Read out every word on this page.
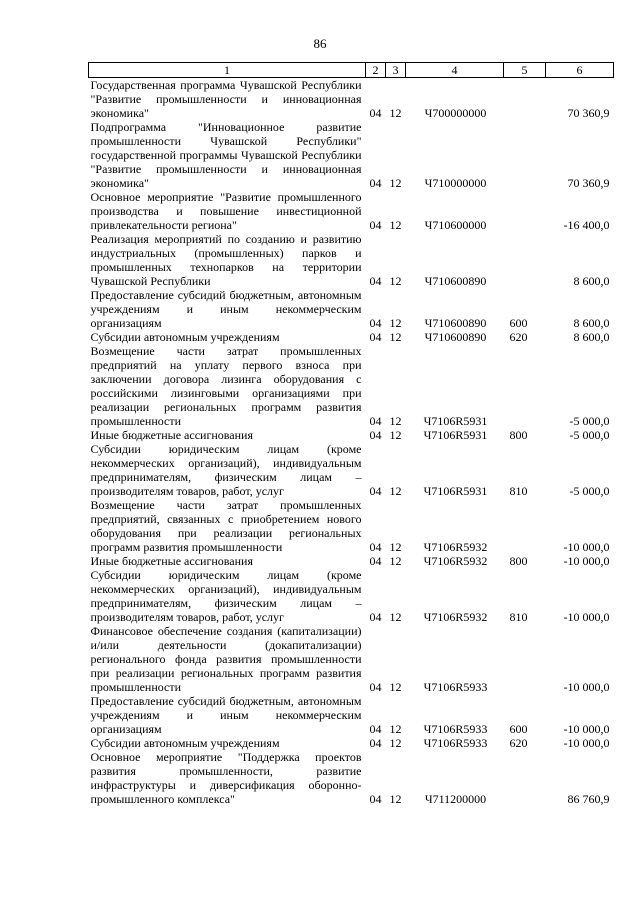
86
1	2	3	4	5	6
Государственная программа Чувашской Республики "Развитие промышленности и инновационная экономика"	04	12	Ч700000000		70 360,9
Подпрограмма "Инновационное развитие промышленности Чувашской Республики" государственной программы Чувашской Республики "Развитие промышленности и инновационная экономика"	04	12	Ч710000000		70 360,9
Основное мероприятие "Развитие промышленного производства и повышение инвестиционной привлекательности региона"	04	12	Ч710600000		-16 400,0
Реализация мероприятий по созданию и развитию индустриальных (промышленных) парков и промышленных технопарков на территории Чувашской Республики	04	12	Ч710600890		8 600,0
Предоставление субсидий бюджетным, автономным учреждениям и иным некоммерческим организациям	04	12	Ч710600890	600	8 600,0
Субсидии автономным учреждениям	04	12	Ч710600890	620	8 600,0
Возмещение части затрат промышленных предприятий на уплату первого взноса при заключении договора лизинга оборудования с российскими лизинговыми организациями при реализации региональных программ развития промышленности	04	12	Ч7106R5931		-5 000,0
Иные бюджетные ассигнования	04	12	Ч7106R5931	800	-5 000,0
Субсидии юридическим лицам (кроме некоммерческих организаций), индивидуальным предпринимателям, физическим лицам – производителям товаров, работ, услуг	04	12	Ч7106R5931	810	-5 000,0
Возмещение части затрат промышленных предприятий, связанных с приобретением нового оборудования при реализации региональных программ развития промышленности	04	12	Ч7106R5932		-10 000,0
Иные бюджетные ассигнования	04	12	Ч7106R5932	800	-10 000,0
Субсидии юридическим лицам (кроме некоммерческих организаций), индивидуальным предпринимателям, физическим лицам – производителям товаров, работ, услуг	04	12	Ч7106R5932	810	-10 000,0
Финансовое обеспечение создания (капитализации) и/или деятельности (докапитализации) регионального фонда развития промышленности при реализации региональных программ развития промышленности	04	12	Ч7106R5933		-10 000,0
Предоставление субсидий бюджетным, автономным учреждениям и иным некоммерческим организациям	04	12	Ч7106R5933	600	-10 000,0
Субсидии автономным учреждениям	04	12	Ч7106R5933	620	-10 000,0
Основное мероприятие "Поддержка проектов развития промышленности, развитие инфраструктуры и диверсификация оборонно-промышленного комплекса"	04	12	Ч711200000		86 760,9
